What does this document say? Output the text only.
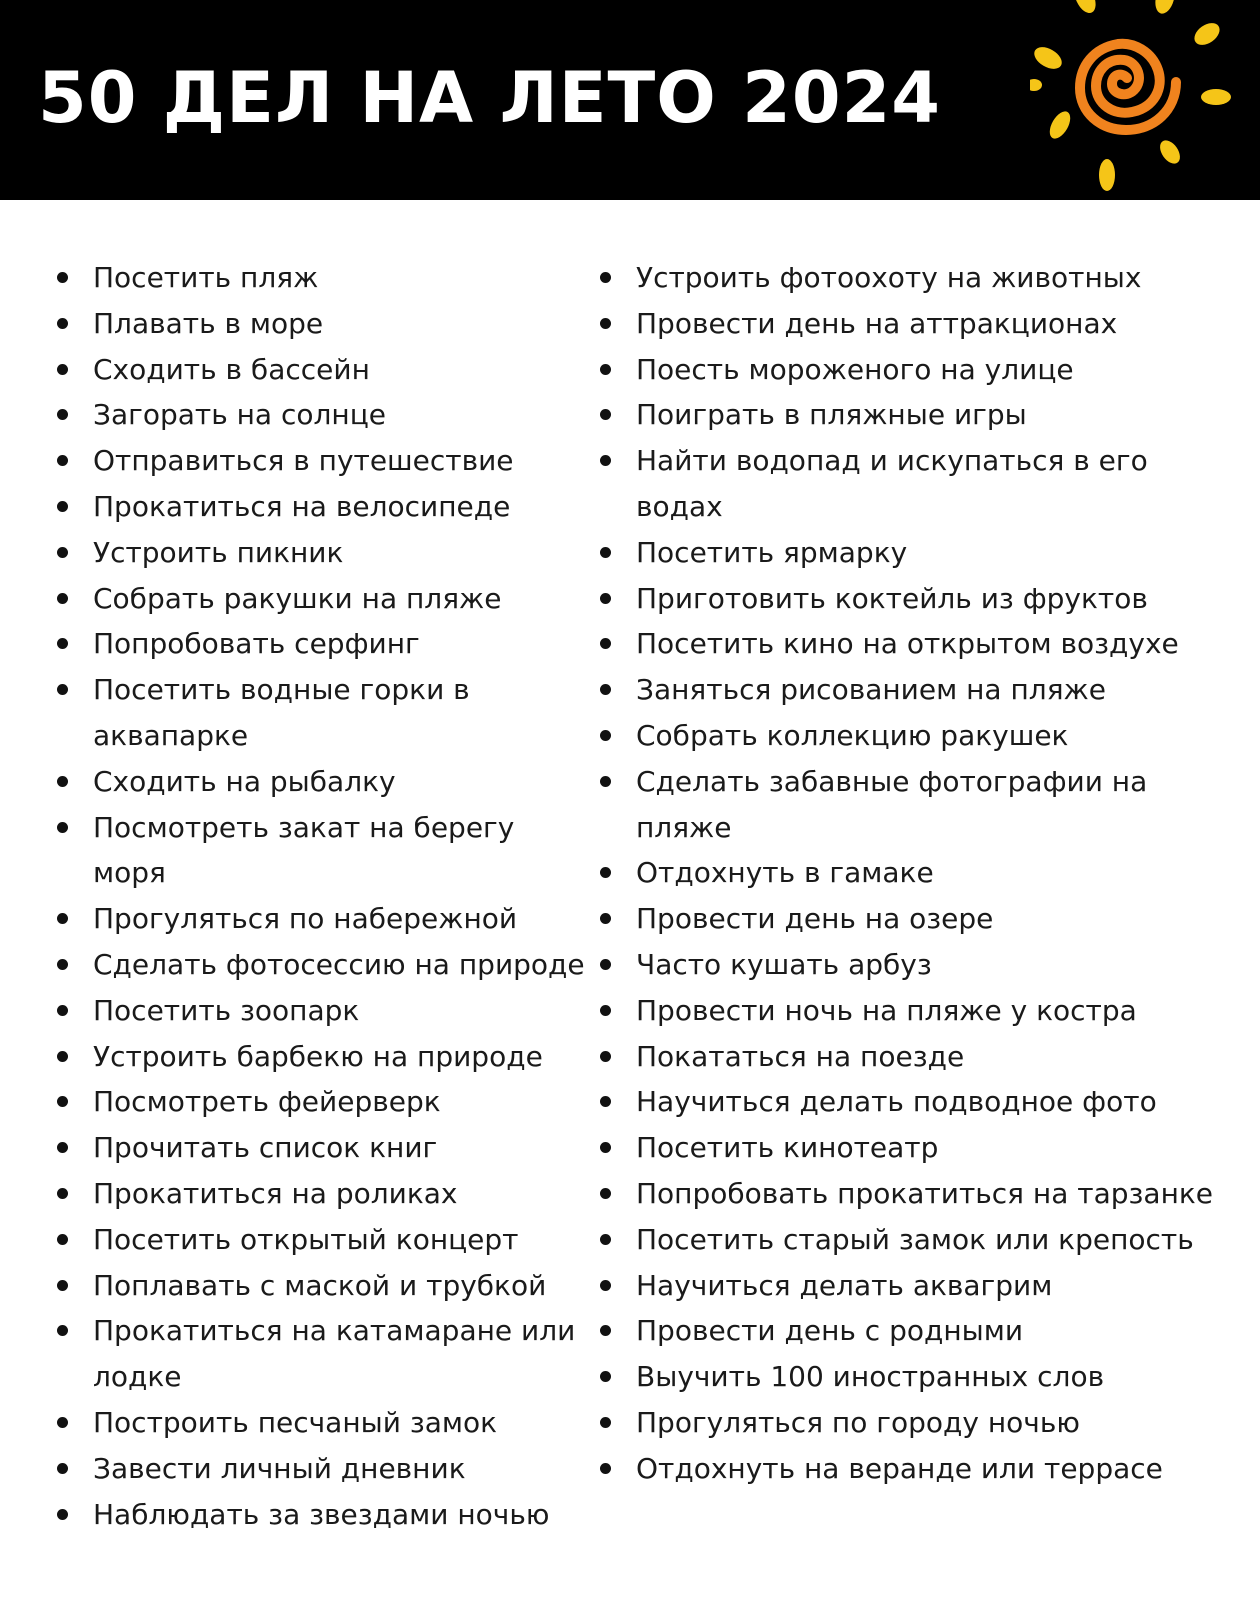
50 ДЕЛ НА ЛЕТО 2024
Посетить пляж
Плавать в море
Сходить в бассейн
Загорать на солнце
Отправиться в путешествие
Прокатиться на велосипеде
Устроить пикник
Собрать ракушки на пляже
Попробовать серфинг
Посетить водные горки в аквапарке
Сходить на рыбалку
Посмотреть закат на берегу моря
Прогуляться по набережной
Сделать фотосессию на природе
Посетить зоопарк
Устроить барбекю на природе
Посмотреть фейерверк
Прочитать список книг
Прокатиться на роликах
Посетить открытый концерт
Поплавать с маской и трубкой
Прокатиться на катамаране или лодке
Построить песчаный замок
Завести личный дневник
Наблюдать за звездами ночью
Устроить фотоохоту на животных
Провести день на аттракционах
Поесть мороженого на улице
Поиграть в пляжные игры
Найти водопад и искупаться в его водах
Посетить ярмарку
Приготовить коктейль из фруктов
Посетить кино на открытом воздухе
Заняться рисованием на пляже
Собрать коллекцию ракушек
Сделать забавные фотографии на пляже
Отдохнуть в гамаке
Провести день на озере
Часто кушать арбуз
Провести ночь на пляже у костра
Покататься на поезде
Научиться делать подводное фото
Посетить кинотеатр
Попробовать прокатиться на тарзанке
Посетить старый замок или крепость
Научиться делать аквагрим
Провести день с родными
Выучить 100 иностранных слов
Прогуляться по городу ночью
Отдохнуть на веранде или террасе
